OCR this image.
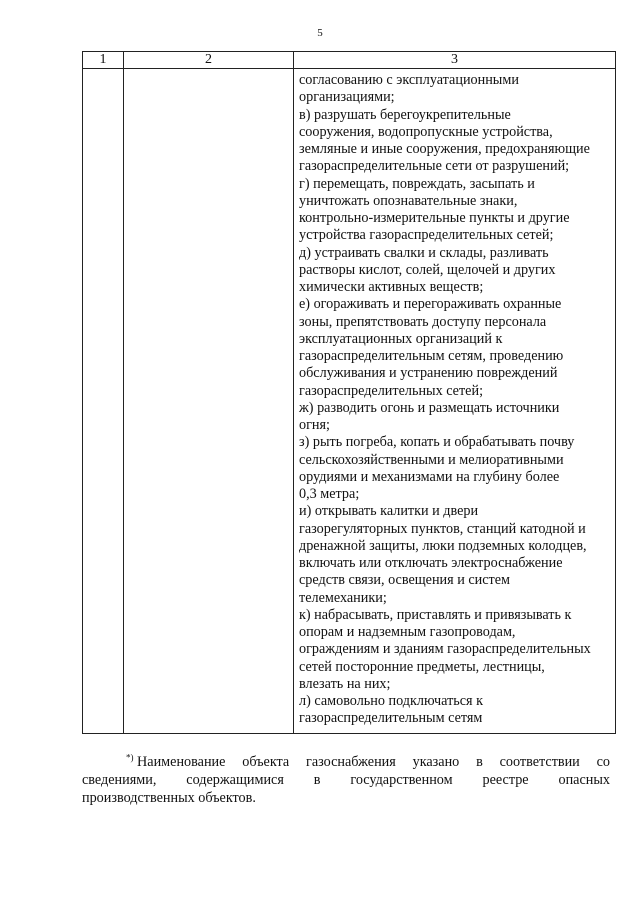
5
1	2	3
согласованию с эксплуатационными
организациями;
в) разрушать берегоукрепительные
сооружения, водопропускные устройства,
земляные и иные сооружения, предохраняющие
газораспределительные сети от разрушений;
г) перемещать, повреждать, засыпать и
уничтожать опознавательные знаки,
контрольно-измерительные пункты и другие
устройства газораспределительных сетей;
д) устраивать свалки и склады, разливать
растворы кислот, солей, щелочей и других
химически активных веществ;
е) огораживать и перегораживать охранные
зоны, препятствовать доступу персонала
эксплуатационных организаций к
газораспределительным сетям, проведению
обслуживания и устранению повреждений
газораспределительных сетей;
ж) разводить огонь и размещать источники
огня;
з) рыть погреба, копать и обрабатывать почву
сельскохозяйственными и мелиоративными
орудиями и механизмами на глубину более
0,3 метра;
и) открывать калитки и двери
газорегуляторных пунктов, станций катодной и
дренажной защиты, люки подземных колодцев,
включать или отключать электроснабжение
средств связи, освещения и систем
телемеханики;
к) набрасывать, приставлять и привязывать к
опорам и надземным газопроводам,
ограждениям и зданиям газораспределительных
сетей посторонние предметы, лестницы,
влезать на них;
л) самовольно подключаться к
газораспределительным сетям
*) Наименование объекта газоснабжения указано в соответствии со
сведениями, содержащимися в государственном реестре опасных
производственных объектов.
